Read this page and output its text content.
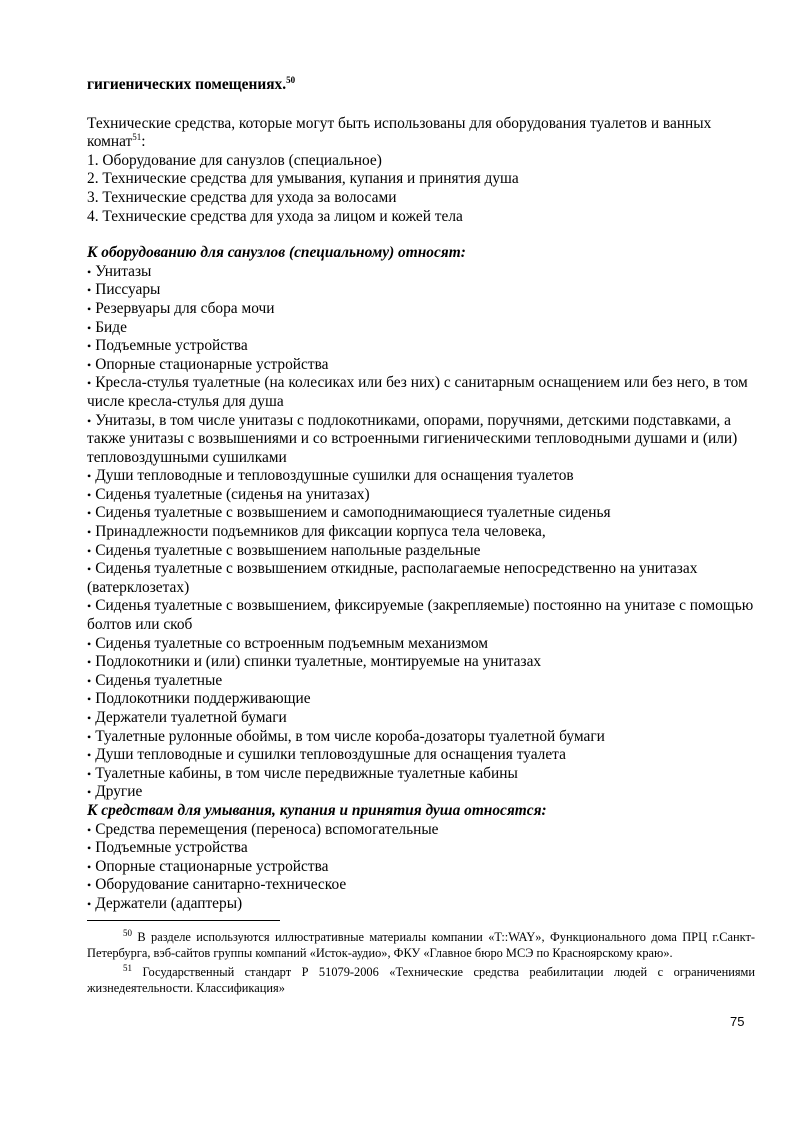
гигиенических помещениях.$^{50}$

Технические средства, которые могут быть использованы для оборудования туалетов и ванных комнат$^{51}$:

1. Оборудование для санузлов (специальное)
2. Технические средства для умывания, купания и принятия душа
3. Технические средства для ухода за волосами
4. Технические средства для ухода за лицом и кожей тела

К оборудованию для санузлов (специальному) относят:

• Унитазы
• Писсуары
• Резервуары для сбора мочи
• Биде
• Подъемные устройства
• Опорные стационарные устройства
• Кресла-стулья туалетные (на колесиках или без них) с санитарным оснащением или без него, в том числе кресла-стулья для душа
• Унитазы, в том числе унитазы с подлокотниками, опорами, поручнями, детскими подставками, а также унитазы с возвышениями и со встроенными гигиеническими тепловодными душами и (или) тепловоздушными сушилками
• Души тепловодные и тепловоздушные сушилки для оснащения туалетов
• Сиденья туалетные (сиденья на унитазах)
• Сиденья туалетные с возвышением и самоподнимающиеся туалетные сиденья
• Принадлежности подъемников для фиксации корпуса тела человека,
• Сиденья туалетные с возвышением напольные раздельные
• Сиденья туалетные с возвышением откидные, располагаемые непосредственно на унитазах (ватерклозетах)
• Сиденья туалетные с возвышением, фиксируемые (закрепляемые) постоянно на унитазе с помощью болтов или скоб
• Сиденья туалетные со встроенным подъемным механизмом
• Подлокотники и (или) спинки туалетные, монтируемые на унитазах
• Сиденья туалетные
• Подлокотники поддерживающие
• Держатели туалетной бумаги
• Туалетные рулонные обоймы, в том числе короба-дозаторы туалетной бумаги
• Души тепловодные и сушилки тепловоздушные для оснащения туалета
• Туалетные кабины, в том числе передвижные туалетные кабины
• Другие

К средствам для умывания, купания и принятия душа относятся:

• Средства перемещения (переноса) вспомогательные
• Подъемные устройства
• Опорные стационарные устройства
• Оборудование санитарно-техническое
• Держатели (адаптеры)

$^{50}$ В разделе используются иллюстративные материалы компании «T::WAY», Функционального дома ПРЦ г.Санкт-Петербурга, вэб-сайтов группы компаний «Исток-аудио», ФКУ «Главное бюро МСЭ по Красноярскому краю».

$^{51}$ Государственный стандарт Р 51079-2006 «Технические средства реабилитации людей с ограничениями жизнедеятельности. Классификация»

75
